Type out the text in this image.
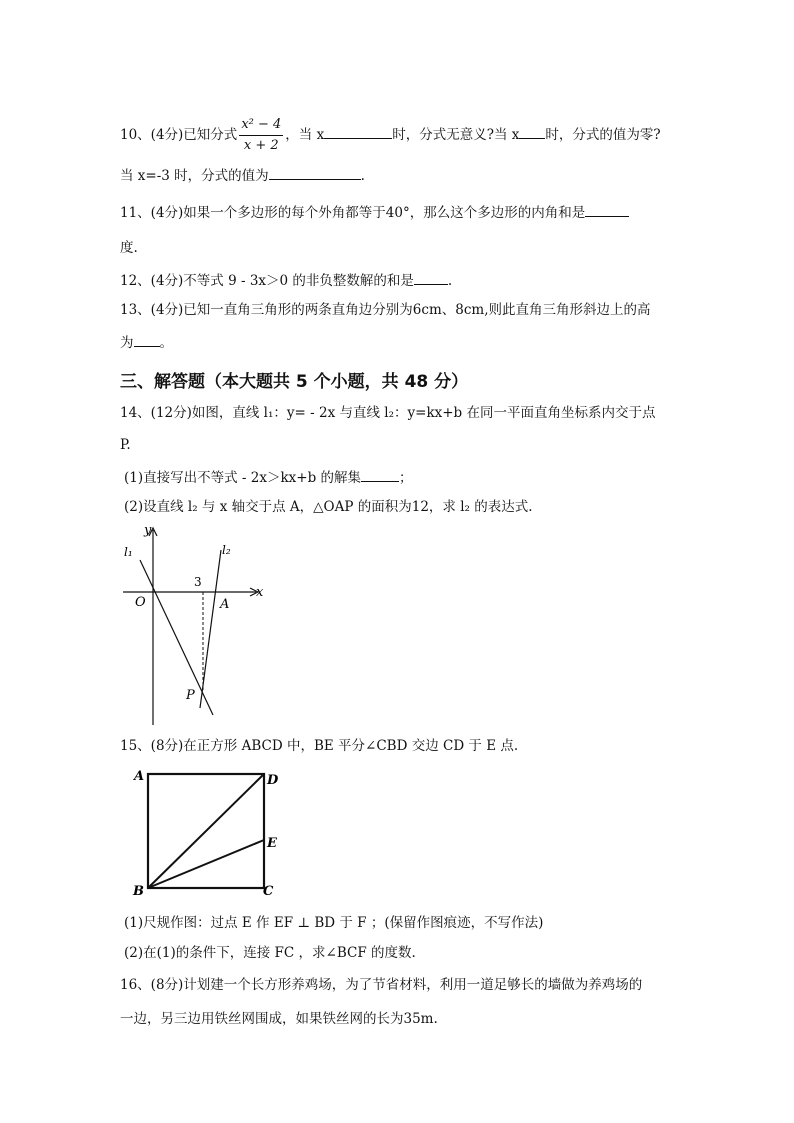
10、(4分)已知分式 $\frac{\text{x² − 4}}{x + 2}$ ，当 x	时，分式无意义?当 x 时，分式的值为零?
当 x=-3 时，分式的值为	.
11、(4分)如果一个多边形的每个外角都等于40°，那么这个多边形的内角和是
度.
12、(4分)不等式 9 - 3x＞0 的非负整数解的和是	.
13、(4分)已知一直角三角形的两条直角边分别为6cm、8cm,则此直角三角形斜边上的高
为 。
三、解答题（本大题共 5 个小题，共 48 分）
14、(12分)如图，直线 l₁：y= - 2x 与直线 l₂：y=kx+b 在同一平面直角坐标系内交于点
P.
(1)直接写出不等式 - 2x＞kx+b 的解集	；
(2)设直线 l₂ 与 x 轴交于点 A，△OAP 的面积为12，求 l₂ 的表达式.
y
x
l₁	l₂
3
O	A
P
15、(8分)在正方形 ABCD 中，BE 平分∠CBD 交边 CD 于 E 点.
A	D
E
B	C
(1)尺规作图：过点 E 作 EF ⊥ BD 于 F ；(保留作图痕迹，不写作法)
(2)在(1)的条件下，连接 FC ，求∠BCF 的度数.
16、(8分)计划建一个长方形养鸡场，为了节省材料，利用一道足够长的墙做为养鸡场的
一边，另三边用铁丝网围成，如果铁丝网的长为35m.
